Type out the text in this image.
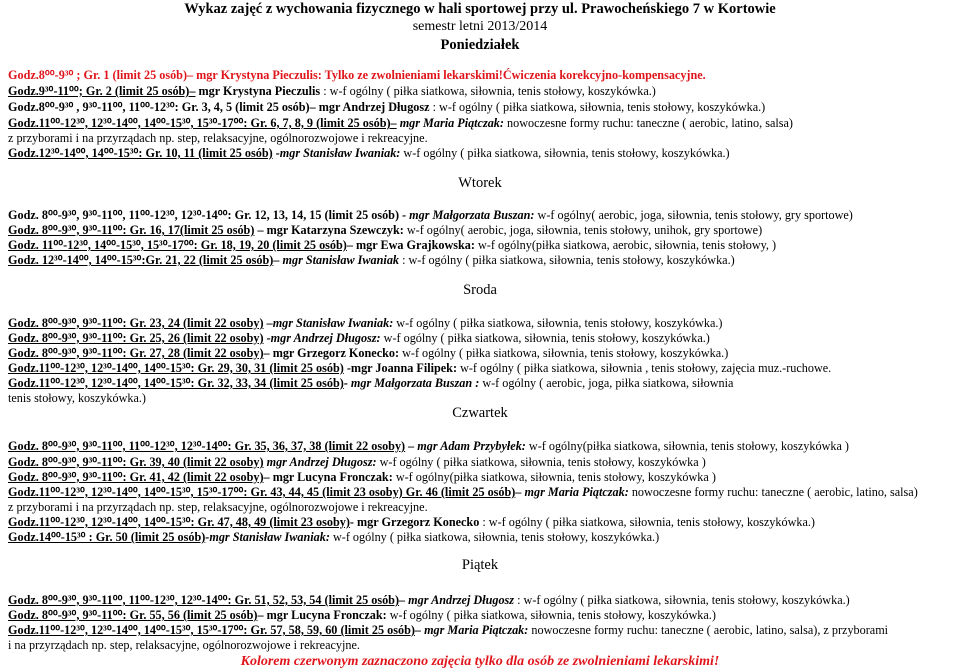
Wykaz zajęć z wychowania fizycznego w hali sportowej przy ul. Prawocheńskiego 7 w Kortowie
semestr letni 2013/2014
Poniedziałek
Godz.8⁰⁰-9³⁰ ; Gr. 1 (limit 25 osób)– mgr Krystyna Pieczulis: Tylko ze zwolnieniami lekarskimi!Ćwiczenia korekcyjno-kompensacyjne.
Godz.9³⁰-11⁰⁰; Gr. 2 (limit 25 osób)– mgr Krystyna Pieczulis : w-f ogólny ( piłka siatkowa, siłownia, tenis stołowy, koszykówka.)
Godz.8⁰⁰-9³⁰ , 9³⁰-11⁰⁰, 11⁰⁰-12³⁰: Gr. 3, 4, 5 (limit 25 osób)– mgr Andrzej Długosz : w-f ogólny ( piłka siatkowa, siłownia, tenis stołowy, koszykówka.)
Godz.11⁰⁰-12³⁰, 12³⁰-14⁰⁰, 14⁰⁰-15³⁰, 15³⁰-17⁰⁰: Gr. 6, 7, 8, 9 (limit 25 osób)– mgr Maria Piątczak: nowoczesne formy ruchu: taneczne ( aerobic, latino, salsa)
z przyborami i na przyrządach np. step, relaksacyjne, ogólnorozwojowe i rekreacyjne.
Godz.12³⁰-14⁰⁰, 14⁰⁰-15³⁰: Gr. 10, 11 (limit 25 osób) -mgr Stanisław Iwaniak: w-f ogólny ( piłka siatkowa, siłownia, tenis stołowy, koszykówka.)
Wtorek
Godz. 8⁰⁰-9³⁰, 9³⁰-11⁰⁰, 11⁰⁰-12³⁰, 12³⁰-14⁰⁰: Gr. 12, 13, 14, 15 (limit 25 osób) - mgr Małgorzata Buszan: w-f ogólny( aerobic, joga, siłownia, tenis stołowy, gry sportowe)
Godz. 8⁰⁰-9³⁰, 9³⁰-11⁰⁰: Gr. 16, 17(limit 25 osób) – mgr Katarzyna Szewczyk: w-f ogólny( aerobic, joga, siłownia, tenis stołowy, unihok, gry sportowe)
Godz. 11⁰⁰-12³⁰, 14⁰⁰-15³⁰, 15³⁰-17⁰⁰: Gr. 18, 19, 20 (limit 25 osób)– mgr Ewa Grajkowska: w-f ogólny(piłka siatkowa, aerobic, siłownia, tenis stołowy, )
Godz. 12³⁰-14⁰⁰, 14⁰⁰-15³⁰:Gr. 21, 22 (limit 25 osób)– mgr Stanisław Iwaniak : w-f ogólny ( piłka siatkowa, siłownia, tenis stołowy, koszykówka.)
Środa
Godz. 8⁰⁰-9³⁰, 9³⁰-11⁰⁰: Gr. 23, 24 (limit 22 osoby) –mgr Stanisław Iwaniak: w-f ogólny ( piłka siatkowa, siłownia, tenis stołowy, koszykówka.)
Godz. 8⁰⁰-9³⁰, 9³⁰-11⁰⁰: Gr. 25, 26 (limit 22 osoby) -mgr Andrzej Długosz: w-f ogólny ( piłka siatkowa, siłownia, tenis stołowy, koszykówka.)
Godz. 8⁰⁰-9³⁰, 9³⁰-11⁰⁰: Gr. 27, 28 (limit 22 osoby)– mgr Grzegorz Konecko: w-f ogólny ( piłka siatkowa, siłownia, tenis stołowy, koszykówka.)
Godz.11⁰⁰-12³⁰, 12³⁰-14⁰⁰, 14⁰⁰-15³⁰: Gr. 29, 30, 31 (limit 25 osób) -mgr Joanna Filipek: w-f ogólny ( piłka siatkowa, siłownia , tenis stołowy, zajęcia muz.-ruchowe.
Godz.11⁰⁰-12³⁰, 12³⁰-14⁰⁰, 14⁰⁰-15³⁰: Gr. 32, 33, 34 (limit 25 osób)- mgr Małgorzata Buszan : w-f ogólny ( aerobic, joga, piłka siatkowa, siłownia
tenis stołowy, koszykówka.)
Czwartek
Godz. 8⁰⁰-9³⁰, 9³⁰-11⁰⁰, 11⁰⁰-12³⁰, 12³⁰-14⁰⁰: Gr. 35, 36, 37, 38 (limit 22 osoby) – mgr Adam Przybyłek: w-f ogólny(piłka siatkowa, siłownia, tenis stołowy, koszykówka )
Godz. 8⁰⁰-9³⁰, 9³⁰-11⁰⁰: Gr. 39, 40 (limit 22 osoby) mgr Andrzej Długosz: w-f ogólny ( piłka siatkowa, siłownia, tenis stołowy, koszykówka )
Godz. 8⁰⁰-9³⁰, 9³⁰-11⁰⁰: Gr. 41, 42 (limit 22 osoby)– mgr Lucyna Fronczak: w-f ogólny(piłka siatkowa, siłownia, tenis stołowy, koszykówka )
Godz.11⁰⁰-12³⁰, 12³⁰-14⁰⁰, 14⁰⁰-15³⁰, 15³⁰-17⁰⁰: Gr. 43, 44, 45 (limit 23 osoby) Gr. 46 (limit 25 osób)– mgr Maria Piątczak: nowoczesne formy ruchu: taneczne ( aerobic, latino, salsa)
z przyborami i na przyrządach np. step, relaksacyjne, ogólnorozwojowe i rekreacyjne.
Godz.11⁰⁰-12³⁰, 12³⁰-14⁰⁰, 14⁰⁰-15³⁰: Gr. 47, 48, 49 (limit 23 osoby)- mgr Grzegorz Konecko : w-f ogólny ( piłka siatkowa, siłownia, tenis stołowy, koszykówka.)
Godz.14⁰⁰-15³⁰ : Gr. 50 (limit 25 osób)-mgr Stanisław Iwaniak: w-f ogólny ( piłka siatkowa, siłownia, tenis stołowy, koszykówka.)
Piątek
Godz. 8⁰⁰-9³⁰, 9³⁰-11⁰⁰, 11⁰⁰-12³⁰, 12³⁰-14⁰⁰: Gr. 51, 52, 53, 54 (limit 25 osób)– mgr Andrzej Długosz : w-f ogólny ( piłka siatkowa, siłownia, tenis stołowy, koszykówka.)
Godz. 8⁰⁰-9³⁰, 9³⁰-11⁰⁰: Gr. 55, 56 (limit 25 osób)– mgr Lucyna Fronczak: w-f ogólny ( piłka siatkowa, siłownia, tenis stołowy, koszykówka.)
Godz.11⁰⁰-12³⁰, 12³⁰-14⁰⁰, 14⁰⁰-15³⁰, 15³⁰-17⁰⁰: Gr. 57, 58, 59, 60 (limit 25 osób)– mgr Maria Piątczak: nowoczesne formy ruchu: taneczne ( aerobic, latino, salsa), z przyborami
i na przyrządach np. step, relaksacyjne, ogólnorozwojowe i rekreacyjne.
Kolorem czerwonym zaznaczono zajęcia tylko dla osób ze zwolnieniami lekarskimi!
